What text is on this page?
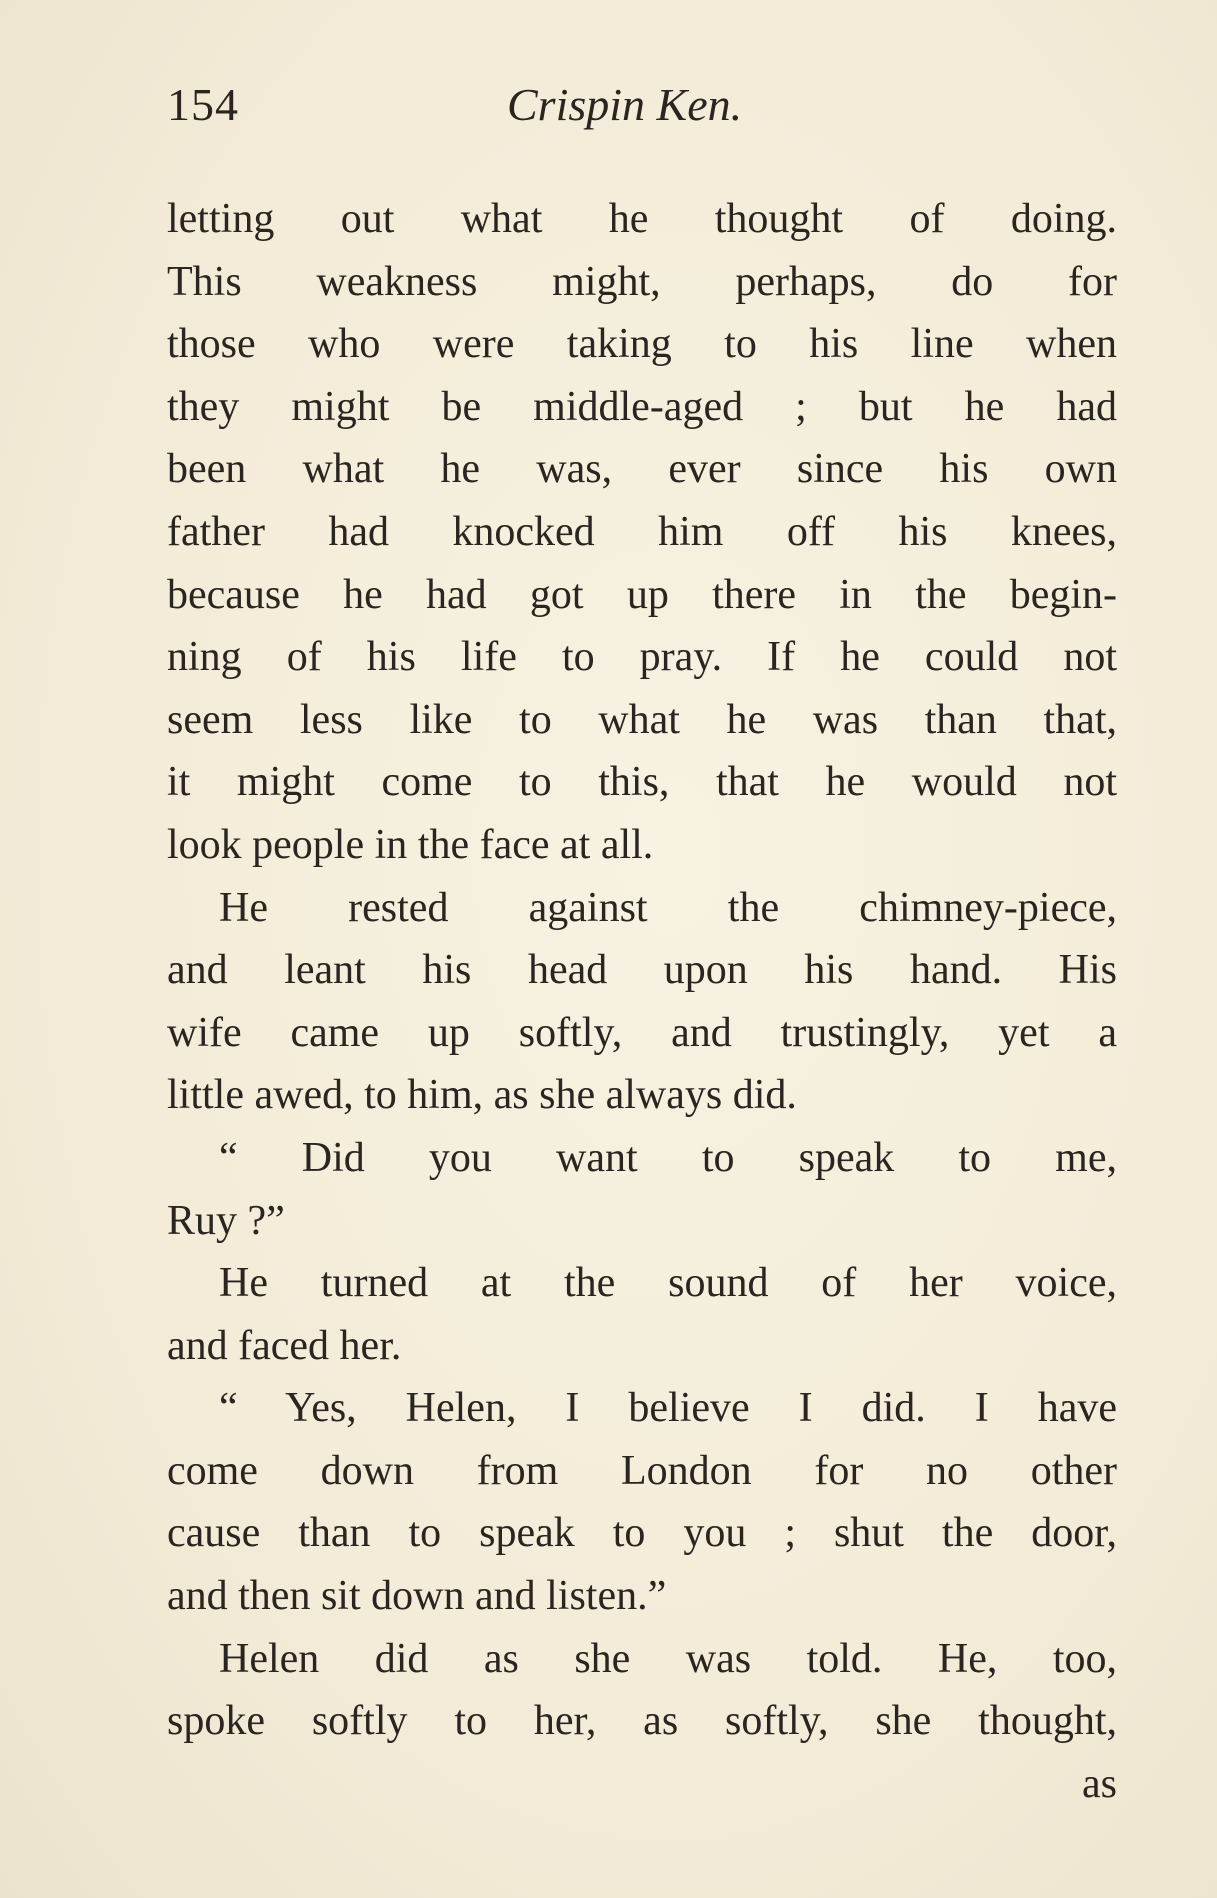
154	Crispin Ken.
letting out what he thought of doing.
This weakness might, perhaps, do for
those who were taking to his line when
they might be middle-aged ; but he had
been what he was, ever since his own
father had knocked him off his knees,
because he had got up there in the begin-
ning of his life to pray. If he could not
seem less like to what he was than that,
it might come to this, that he would not
look people in the face at all.
He rested against the chimney-piece,
and leant his head upon his hand. His
wife came up softly, and trustingly, yet a
little awed, to him, as she always did.
“ Did you want to speak to me,
Ruy ?”
He turned at the sound of her voice,
and faced her.
“ Yes, Helen, I believe I did. I have
come down from London for no other
cause than to speak to you ; shut the door,
and then sit down and listen.”
Helen did as she was told. He, too,
spoke softly to her, as softly, she thought,
as
